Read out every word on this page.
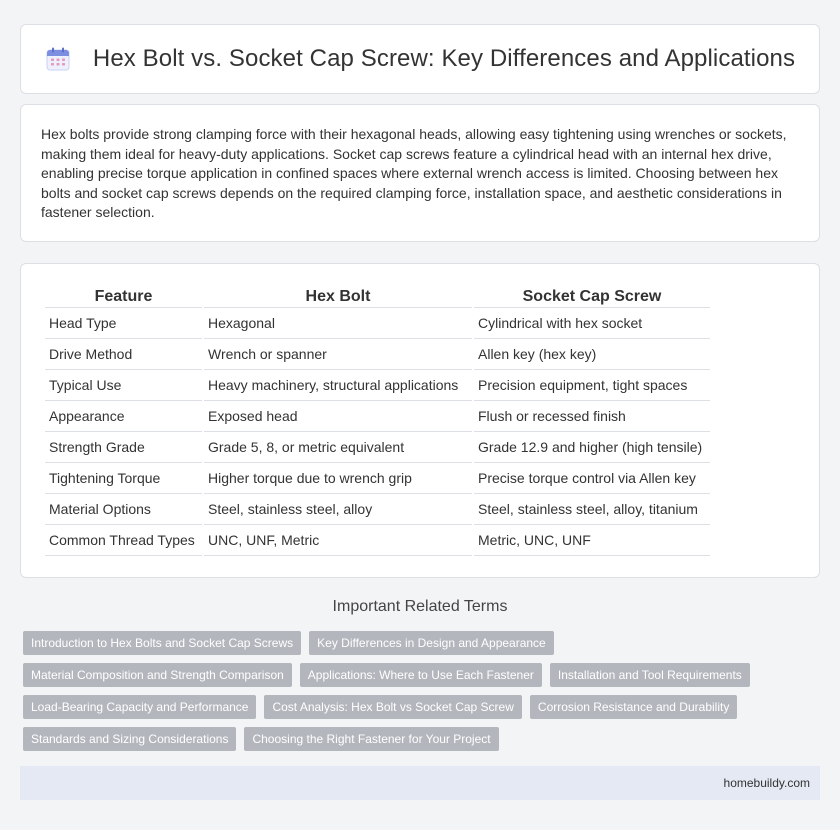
Hex Bolt vs. Socket Cap Screw: Key Differences and Applications

Hex bolts provide strong clamping force with their hexagonal heads, allowing easy tightening using wrenches or sockets, making them ideal for heavy-duty applications. Socket cap screws feature a cylindrical head with an internal hex drive, enabling precise torque application in confined spaces where external wrench access is limited. Choosing between hex bolts and socket cap screws depends on the required clamping force, installation space, and aesthetic considerations in fastener selection.

Feature	Hex Bolt	Socket Cap Screw
Head Type	Hexagonal	Cylindrical with hex socket
Drive Method	Wrench or spanner	Allen key (hex key)
Typical Use	Heavy machinery, structural applications	Precision equipment, tight spaces
Appearance	Exposed head	Flush or recessed finish
Strength Grade	Grade 5, 8, or metric equivalent	Grade 12.9 and higher (high tensile)
Tightening Torque	Higher torque due to wrench grip	Precise torque control via Allen key
Material Options	Steel, stainless steel, alloy	Steel, stainless steel, alloy, titanium
Common Thread Types	UNC, UNF, Metric	Metric, UNC, UNF
Important Related Terms
Introduction to Hex Bolts and Socket Cap Screws	Key Differences in Design and Appearance
Material Composition and Strength Comparison	Applications: Where to Use Each Fastener	Installation and Tool Requirements
Load-Bearing Capacity and Performance	Cost Analysis: Hex Bolt vs Socket Cap Screw	Corrosion Resistance and Durability
Standards and Sizing Considerations	Choosing the Right Fastener for Your Project
homebuildy.com
